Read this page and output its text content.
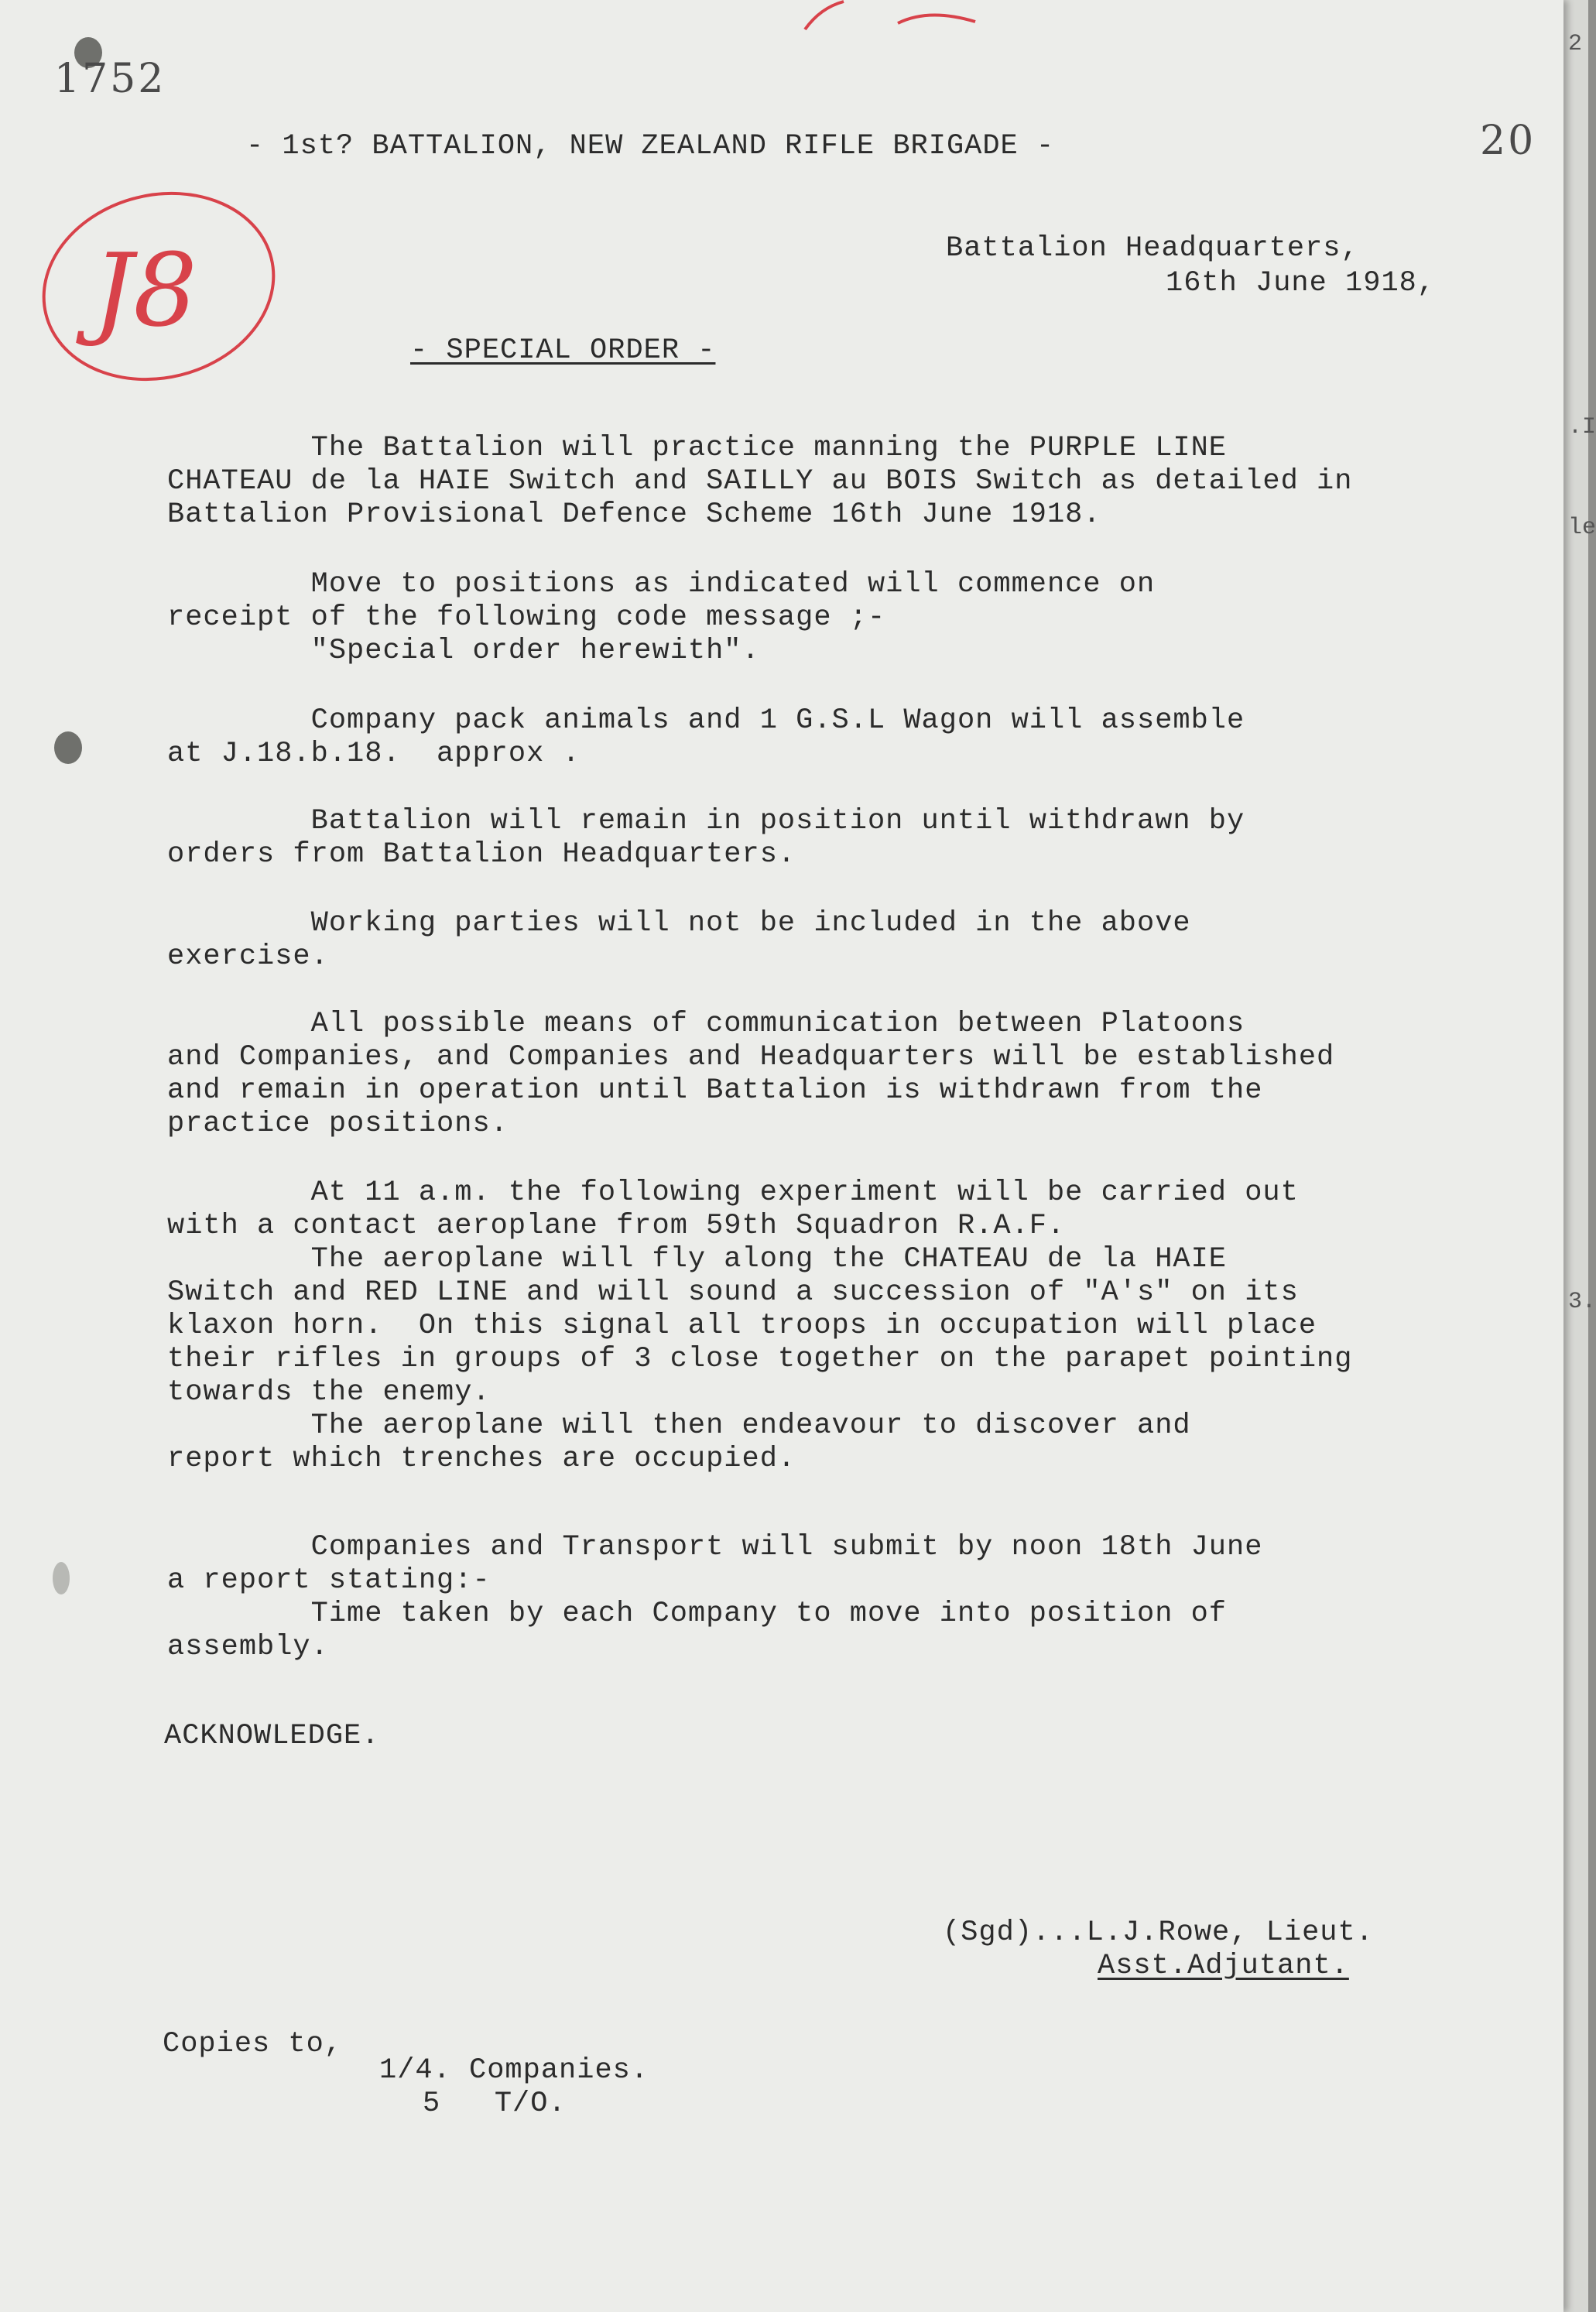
2
.I
le
3.
1752
20
J8
- 1st? BATTALION, NEW ZEALAND RIFLE BRIGADE -
Battalion Headquarters,
16th June 1918,
- SPECIAL ORDER -
The Battalion will practice manning the PURPLE LINE
CHATEAU de la HAIE Switch and SAILLY au BOIS Switch as detailed in
Battalion Provisional Defence Scheme 16th June 1918.
Move to positions as indicated will commence on
receipt of the following code message ;-
"Special order herewith".
Company pack animals and 1 G.S.L Wagon will assemble
at J.18.b.18.  approx .
Battalion will remain in position until withdrawn by
orders from Battalion Headquarters.
Working parties will not be included in the above
exercise.
All possible means of communication between Platoons
and Companies, and Companies and Headquarters will be established
and remain in operation until Battalion is withdrawn from the
practice positions.
At 11 a.m. the following experiment will be carried out
with a contact aeroplane from 59th Squadron R.A.F.
The aeroplane will fly along the CHATEAU de la HAIE
Switch and RED LINE and will sound a succession of "A's" on its
klaxon horn.  On this signal all troops in occupation will place
their rifles in groups of 3 close together on the parapet pointing
towards the enemy.
The aeroplane will then endeavour to discover and
report which trenches are occupied.
Companies and Transport will submit by noon 18th June
a report stating:-
Time taken by each Company to move into position of
assembly.
ACKNOWLEDGE.
(Sgd)...L.J.Rowe, Lieut.
Asst.Adjutant.
Copies to,
1/4. Companies.
5   T/O.
